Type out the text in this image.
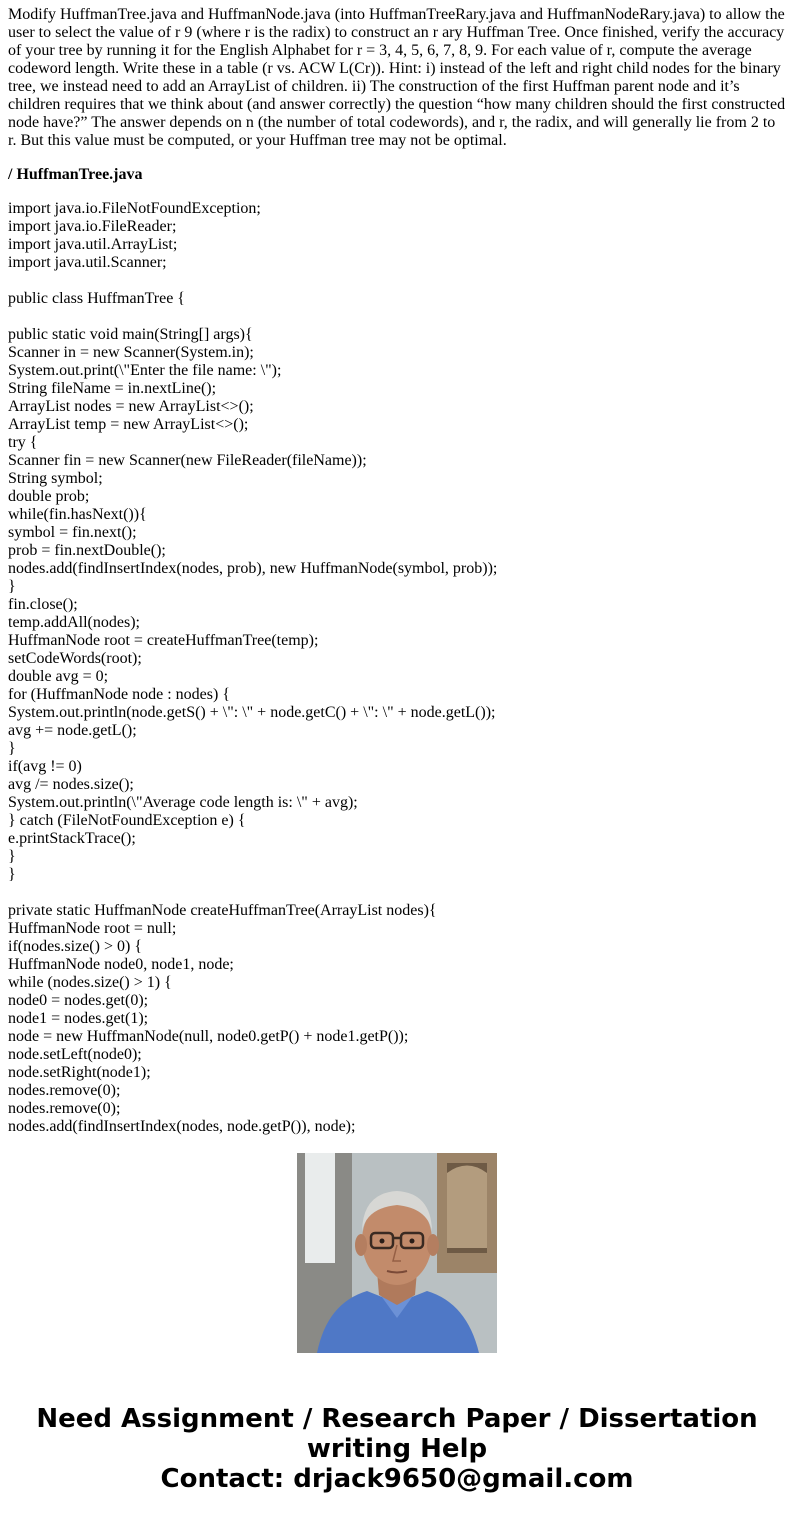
Modify HuffmanTree.java and HuffmanNode.java (into HuffmanTreeRary.java and HuffmanNodeRary.java) to allow the user to select the value of r 9 (where r is the radix) to construct an r ary Huffman Tree. Once finished, verify the accuracy of your tree by running it for the English Alphabet for r = 3, 4, 5, 6, 7, 8, 9. For each value of r, compute the average codeword length. Write these in a table (r vs. ACW L(Cr)). Hint: i) instead of the left and right child nodes for the binary tree, we instead need to add an ArrayList of children. ii) The construction of the first Huffman parent node and it’s children requires that we think about (and answer correctly) the question “how many children should the first constructed node have?” The answer depends on n (the number of total codewords), and r, the radix, and will generally lie from 2 to r. But this value must be computed, or your Huffman tree may not be optimal.

/ HuffmanTree.java

import java.io.FileNotFoundException;
import java.io.FileReader;
import java.util.ArrayList;
import java.util.Scanner;
public class HuffmanTree {
public static void main(String[] args){
Scanner in = new Scanner(System.in);
System.out.print(\"Enter the file name: \");
String fileName = in.nextLine();
ArrayList nodes = new ArrayList<>();
ArrayList temp = new ArrayList<>();
try {
Scanner fin = new Scanner(new FileReader(fileName));
String symbol;
double prob;
while(fin.hasNext()){
symbol = fin.next();
prob = fin.nextDouble();
nodes.add(findInsertIndex(nodes, prob), new HuffmanNode(symbol, prob));
}
fin.close();
temp.addAll(nodes);
HuffmanNode root = createHuffmanTree(temp);
setCodeWords(root);
double avg = 0;
for (HuffmanNode node : nodes) {
System.out.println(node.getS() + \": \" + node.getC() + \": \" + node.getL());
avg += node.getL();
}
if(avg != 0)
avg /= nodes.size();
System.out.println(\"Average code length is: \" + avg);
} catch (FileNotFoundException e) {
e.printStackTrace();
}
}
private static HuffmanNode createHuffmanTree(ArrayList nodes){
HuffmanNode root = null;
if(nodes.size() > 0) {
HuffmanNode node0, node1, node;
while (nodes.size() > 1) {
node0 = nodes.get(0);
node1 = nodes.get(1);
node = new HuffmanNode(null, node0.getP() + node1.getP());
node.setLeft(node0);
node.setRight(node1);
nodes.remove(0);
nodes.remove(0);
nodes.add(findInsertIndex(nodes, node.getP()), node);
Need Assignment / Research Paper / Dissertation
writing Help
Contact: drjack9650@gmail.com
